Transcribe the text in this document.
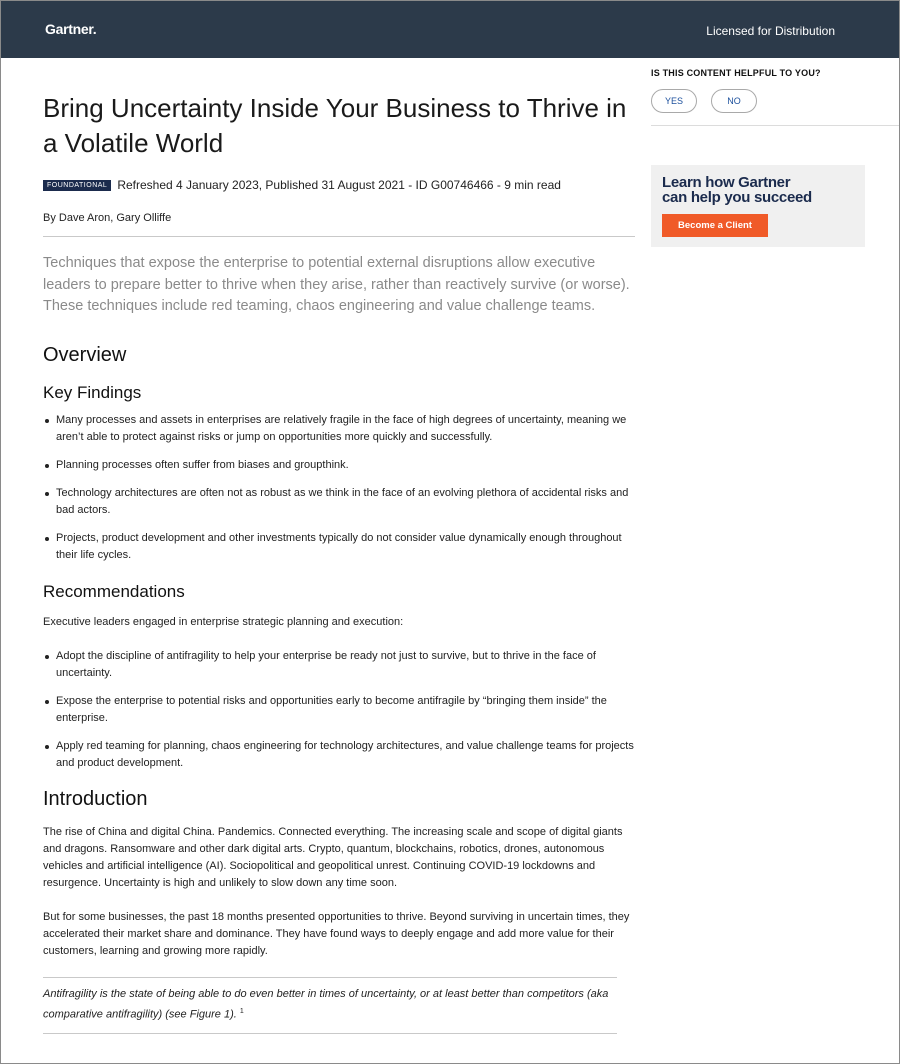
Gartner.	Licensed for Distribution
Bring Uncertainty Inside Your Business to Thrive in a Volatile World
FOUNDATIONAL Refreshed 4 January 2023, Published 31 August 2021 - ID G00746466 - 9 min read
By Dave Aron, Gary Olliffe

Techniques that expose the enterprise to potential external disruptions allow executive leaders to prepare better to thrive when they arise, rather than reactively survive (or worse). These techniques include red teaming, chaos engineering and value challenge teams.

Overview
Key Findings
Many processes and assets in enterprises are relatively fragile in the face of high degrees of uncertainty, meaning we aren’t able to protect against risks or jump on opportunities more quickly and successfully.
Planning processes often suffer from biases and groupthink.
Technology architectures are often not as robust as we think in the face of an evolving plethora of accidental risks and bad actors.
Projects, product development and other investments typically do not consider value dynamically enough throughout their life cycles.
Recommendations

Executive leaders engaged in enterprise strategic planning and execution:

Adopt the discipline of antifragility to help your enterprise be ready not just to survive, but to thrive in the face of uncertainty.
Expose the enterprise to potential risks and opportunities early to become antifragile by “bringing them inside” the enterprise.
Apply red teaming for planning, chaos engineering for technology architectures, and value challenge teams for projects and product development.
Introduction

The rise of China and digital China. Pandemics. Connected everything. The increasing scale and scope of digital giants and dragons. Ransomware and other dark digital arts. Crypto, quantum, blockchains, robotics, drones, autonomous vehicles and artificial intelligence (AI). Sociopolitical and geopolitical unrest. Continuing COVID-19 lockdowns and resurgence. Uncertainty is high and unlikely to slow down any time soon.

But for some businesses, the past 18 months presented opportunities to thrive. Beyond surviving in uncertain times, they accelerated their market share and dominance. They have found ways to deeply engage and add more value for their customers, learning and growing more rapidly.

Antifragility is the state of being able to do even better in times of uncertainty, or at least better than competitors (aka comparative antifragility) (see Figure 1). $^1$
IS THIS CONTENT HELPFUL TO YOU?
YES	NO
Learn how Gartner
can help you succeed
Become a Client
